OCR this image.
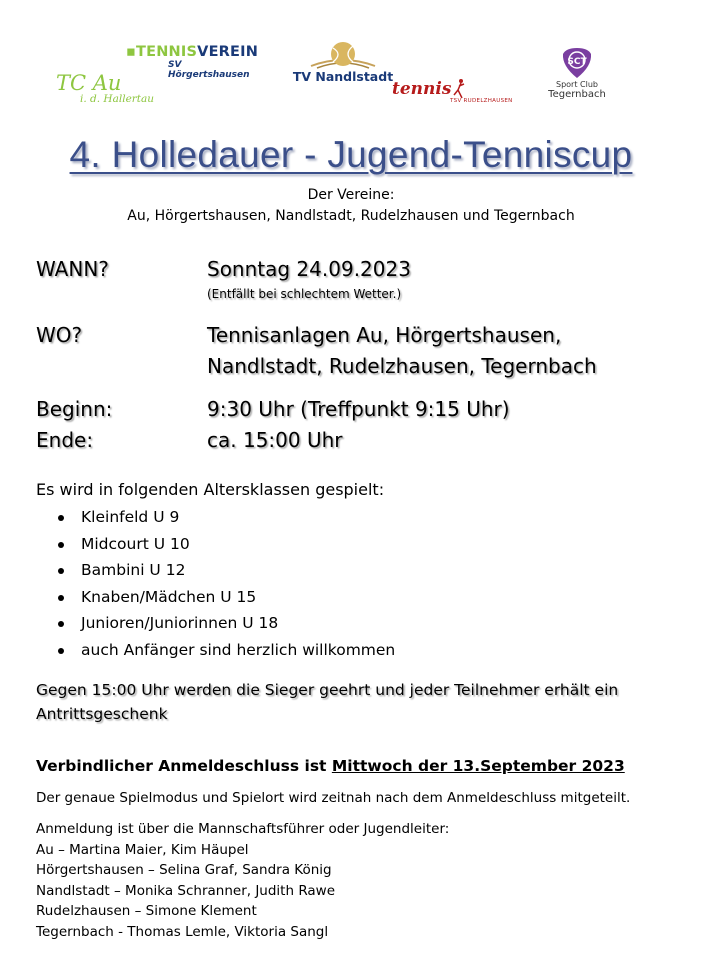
▪TENNISVEREIN
SV Hörgertshausen
TC Au
i. d. Hallertau
TV Nandlstadt
tennis
TSV RUDELZHAUSEN
SCT
Sport Club
Tegernbach
4. Holledauer - Jugend-Tenniscup
Der Vereine:
Au, Hörgertshausen, Nandlstadt, Rudelzhausen und Tegernbach
WANN?	Sonntag 24.09.2023
(Entfällt bei schlechtem Wetter.)
WO?	Tennisanlagen Au, Hörgertshausen,
Nandlstadt, Rudelzhausen, Tegernbach
Beginn:	9:30 Uhr (Treffpunkt 9:15 Uhr)
Ende:	ca. 15:00 Uhr
Es wird in folgenden Altersklassen gespielt:
Kleinfeld U 9
Midcourt U 10
Bambini U 12
Knaben/Mädchen U 15
Junioren/Juniorinnen U 18
auch Anfänger sind herzlich willkommen
Gegen 15:00 Uhr werden die Sieger geehrt und jeder Teilnehmer erhält ein Antrittsgeschenk
Verbindlicher Anmeldeschluss ist Mittwoch der 13.September 2023
Der genaue Spielmodus und Spielort wird zeitnah nach dem Anmeldeschluss mitgeteilt.
Anmeldung ist über die Mannschaftsführer oder Jugendleiter:
Au – Martina Maier, Kim Häupel
Hörgertshausen – Selina Graf, Sandra König
Nandlstadt – Monika Schranner, Judith Rawe
Rudelzhausen – Simone Klement
Tegernbach - Thomas Lemle, Viktoria Sangl
